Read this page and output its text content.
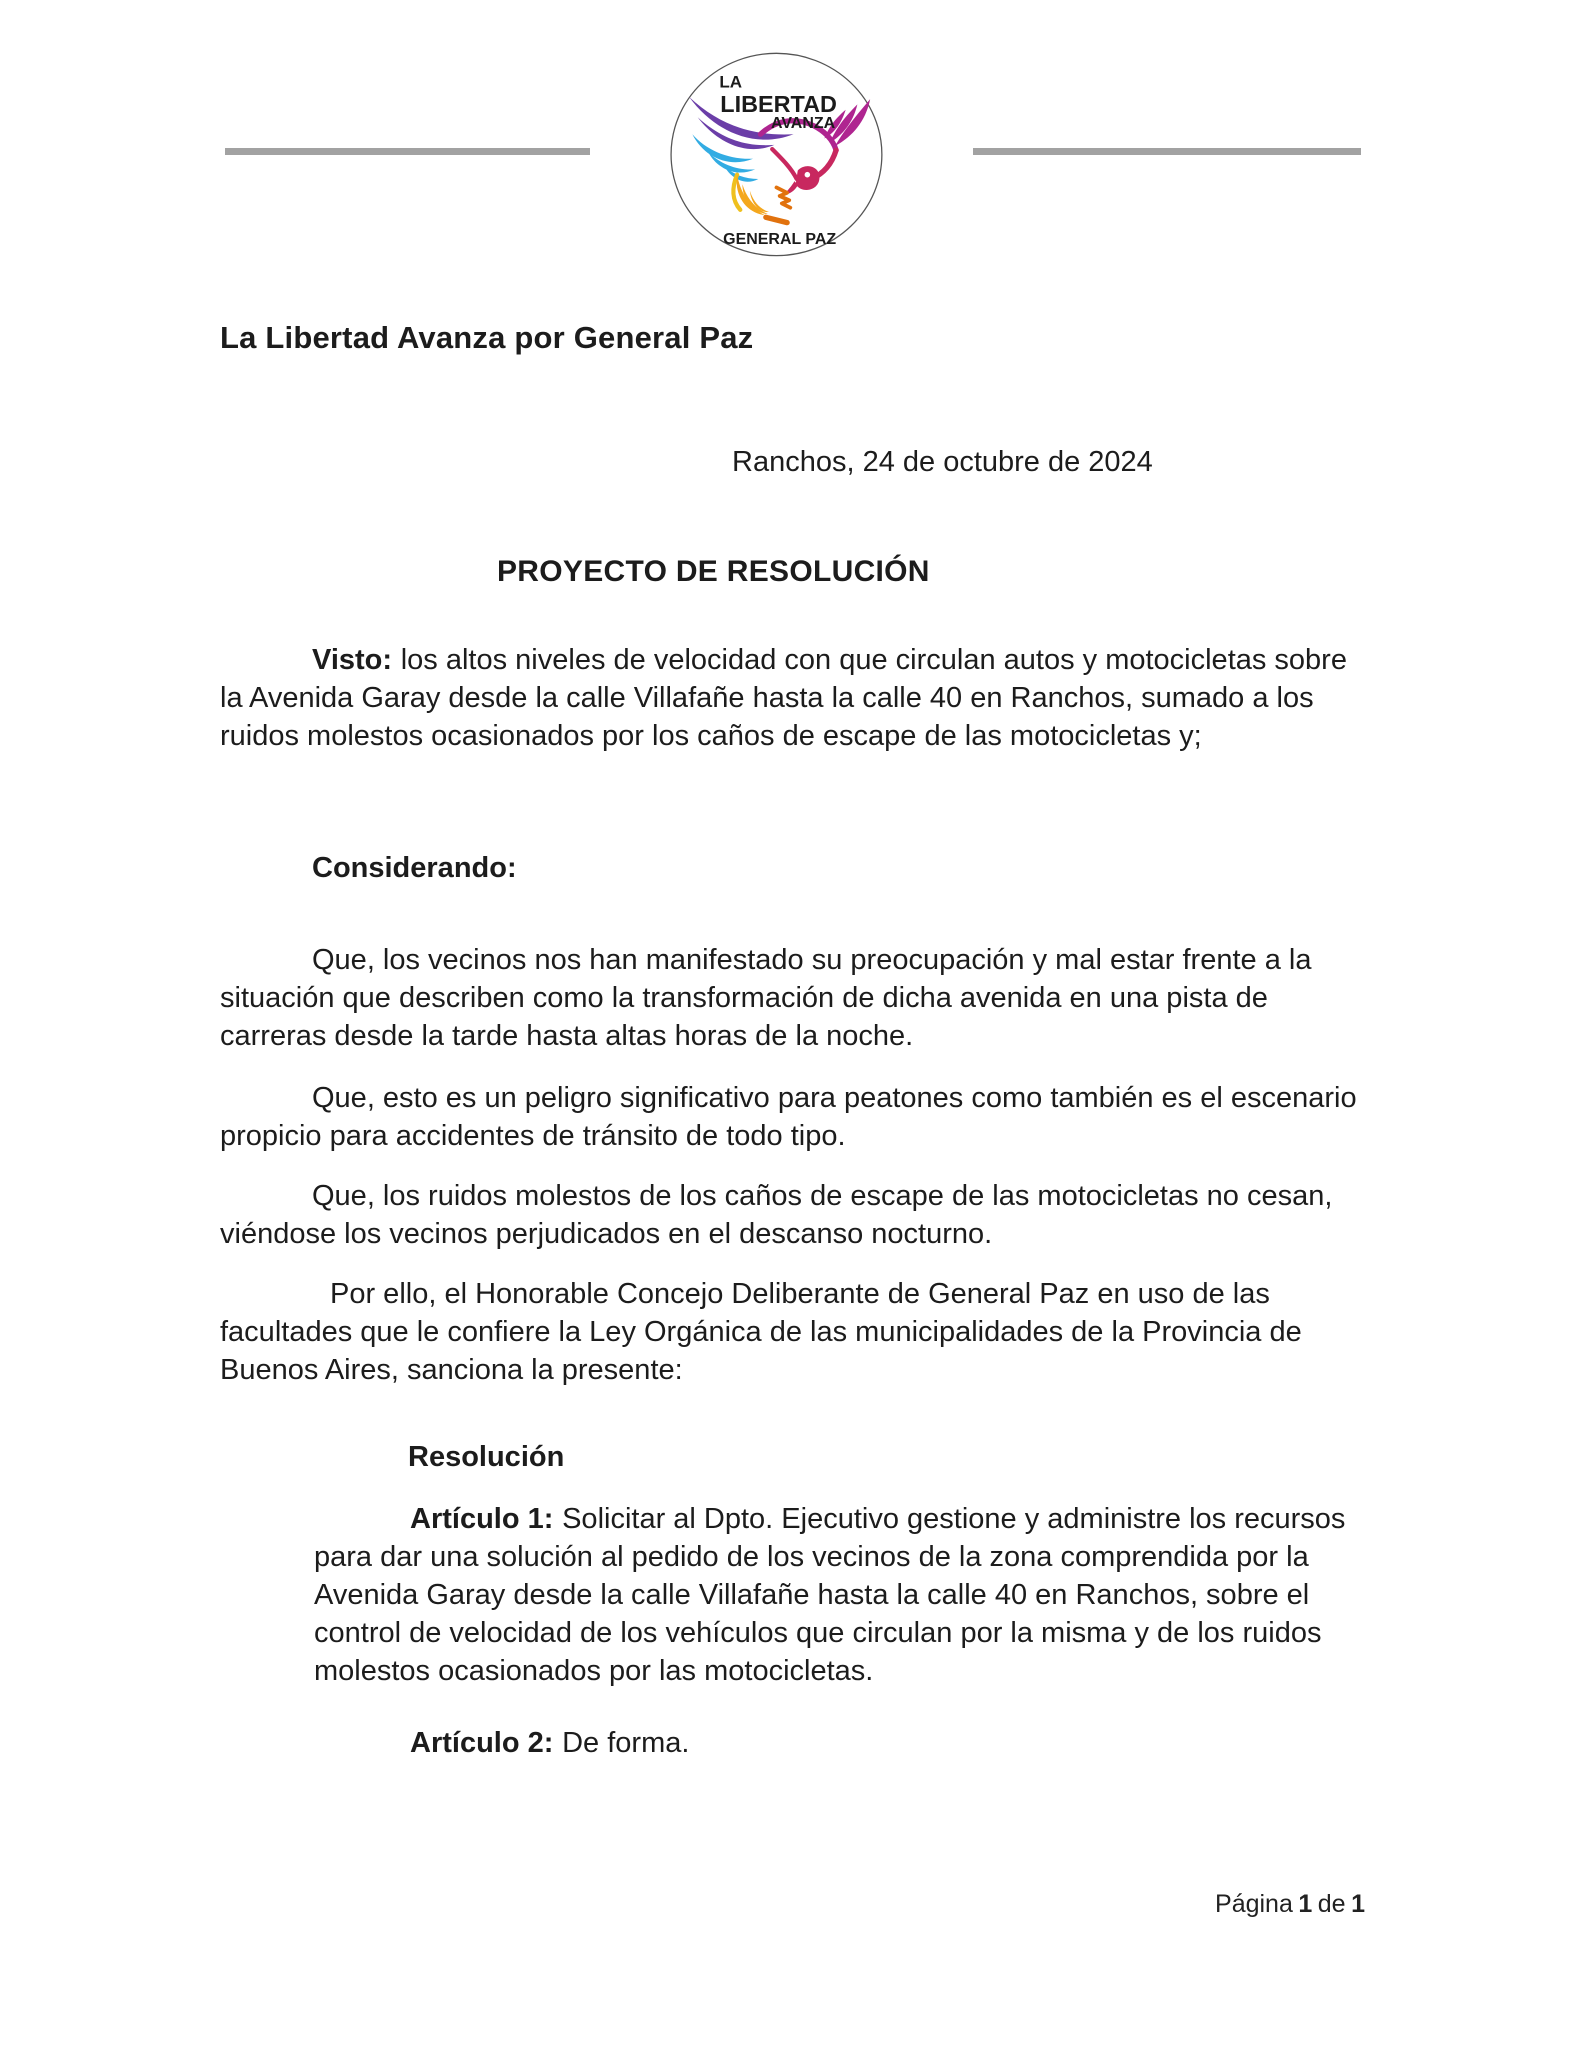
LA
LIBERTAD
AVANZA
GENERAL PAZ
La Libertad Avanza por General Paz
Ranchos, 24 de octubre de 2024
PROYECTO DE RESOLUCIÓN

Visto: los altos niveles de velocidad con que circulan autos y motocicletas sobre la Avenida Garay desde la calle Villafañe hasta la calle 40 en Ranchos, sumado a los ruidos molestos ocasionados por los caños de escape de las motocicletas y;

Considerando:

Que, los vecinos nos han manifestado su preocupación y mal estar frente a la situación que describen como la transformación de dicha avenida en una pista de carreras desde la tarde hasta altas horas de la noche.

Que, esto es un peligro significativo para peatones como también es el escenario propicio para accidentes de tránsito de todo tipo.

Que, los ruidos molestos de los caños de escape de las motocicletas no cesan, viéndose los vecinos perjudicados en el descanso nocturno.

Por ello, el Honorable Concejo Deliberante de General Paz en uso de las facultades que le confiere la Ley Orgánica de las municipalidades de la Provincia de Buenos Aires, sanciona la presente:

Resolución

Artículo 1: Solicitar al Dpto. Ejecutivo gestione y administre los recursos para dar una solución al pedido de los vecinos de la zona comprendida por la Avenida Garay desde la calle Villafañe hasta la calle 40 en Ranchos, sobre el control de velocidad de los vehículos que circulan por la misma y de los ruidos molestos ocasionados por las motocicletas.

Artículo 2: De forma.

Página 1 de 1
